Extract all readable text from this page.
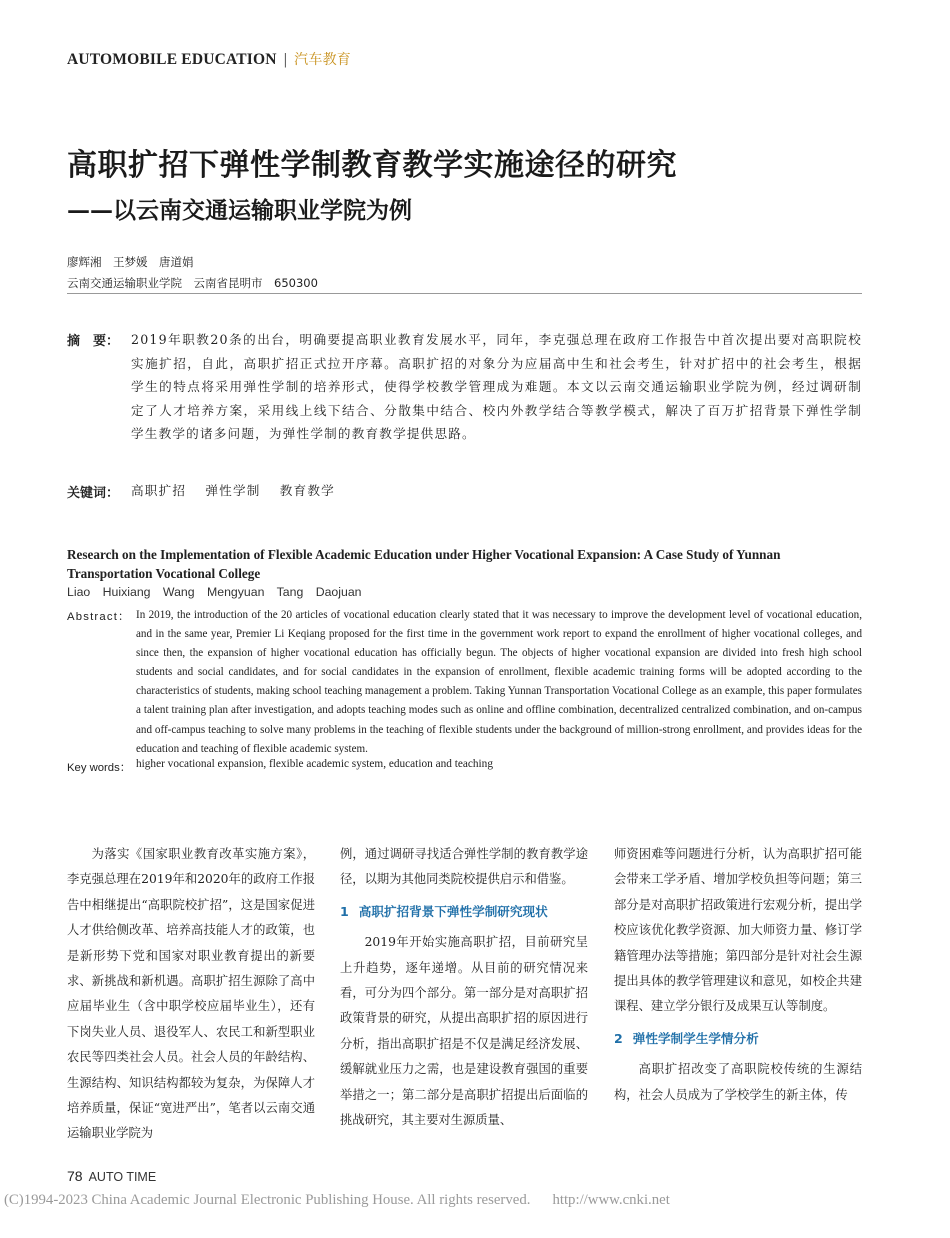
AUTOMOBILE EDUCATION | 汽车教育
高职扩招下弹性学制教育教学实施途径的研究
——以云南交通运输职业学院为例
廖辉湘　王梦媛　唐道娟
云南交通运输职业学院　云南省昆明市　650300
摘　要： 2019年职教20条的出台，明确要提高职业教育发展水平，同年，李克强总理在政府工作报告中首次提出要对高职院校实施扩招，自此，高职扩招正式拉开序幕。高职扩招的对象分为应届高中生和社会考生，针对扩招中的社会考生，根据学生的特点将采用弹性学制的培养形式，使得学校教学管理成为难题。本文以云南交通运输职业学院为例，经过调研制定了人才培养方案，采用线上线下结合、分散集中结合、校内外教学结合等教学模式，解决了百万扩招背景下弹性学制学生教学的诸多问题，为弹性学制的教育教学提供思路。
关键词： 高职扩招 弹性学制 教育教学
Research on the Implementation of Flexible Academic Education under Higher Vocational Expansion: A Case Study of Yunnan Transportation Vocational College
Liao Huixiang Wang Mengyuan Tang Daojuan
Abstract： In 2019, the introduction of the 20 articles of vocational education clearly stated that it was necessary to improve the development level of vocational education, and in the same year, Premier Li Keqiang proposed for the first time in the government work report to expand the enrollment of higher vocational colleges, and since then, the expansion of higher vocational education has officially begun. The objects of higher vocational expansion are divided into fresh high school students and social candidates, and for social candidates in the expansion of enrollment, flexible academic training forms will be adopted according to the characteristics of students, making school teaching management a problem. Taking Yunnan Transportation Vocational College as an example, this paper formulates a talent training plan after investigation, and adopts teaching modes such as online and offline combination, decentralized centralized combination, and on-campus and off-campus teaching to solve many problems in the teaching of flexible students under the background of million-strong enrollment, and provides ideas for the education and teaching of flexible academic system.
Key words： higher vocational expansion, flexible academic system, education and teaching

为落实《国家职业教育改革实施方案》，李克强总理在2019年和2020年的政府工作报告中相继提出“高职院校扩招”，这是国家促进人才供给侧改革、培养高技能人才的政策，也是新形势下党和国家对职业教育提出的新要求、新挑战和新机遇。高职扩招生源除了高中应届毕业生（含中职学校应届毕业生），还有下岗失业人员、退役军人、农民工和新型职业农民等四类社会人员。社会人员的年龄结构、生源结构、知识结构都较为复杂，为保障人才培养质量，保证“宽进严出”，笔者以云南交通运输职业学院为

例，通过调研寻找适合弹性学制的教育教学途径，以期为其他同类院校提供启示和借鉴。

1 高职扩招背景下弹性学制研究现状

2019年开始实施高职扩招，目前研究呈上升趋势，逐年递增。从目前的研究情况来看，可分为四个部分。第一部分是对高职扩招政策背景的研究，从提出高职扩招的原因进行分析，指出高职扩招是不仅是满足经济发展、缓解就业压力之需，也是建设教育强国的重要举措之一；第二部分是高职扩招提出后面临的挑战研究，其主要对生源质量、

师资困难等问题进行分析，认为高职扩招可能会带来工学矛盾、增加学校负担等问题；第三部分是对高职扩招政策进行宏观分析，提出学校应该优化教学资源、加大师资力量、修订学籍管理办法等措施；第四部分是针对社会生源提出具体的教学管理建议和意见，如校企共建课程、建立学分银行及成果互认等制度。

2 弹性学制学生学情分析

高职扩招改变了高职院校传统的生源结构，社会人员成为了学校学生的新主体，传

78 AUTO TIME
(C)1994-2023 China Academic Journal Electronic Publishing House. All rights reserved. http://www.cnki.net
